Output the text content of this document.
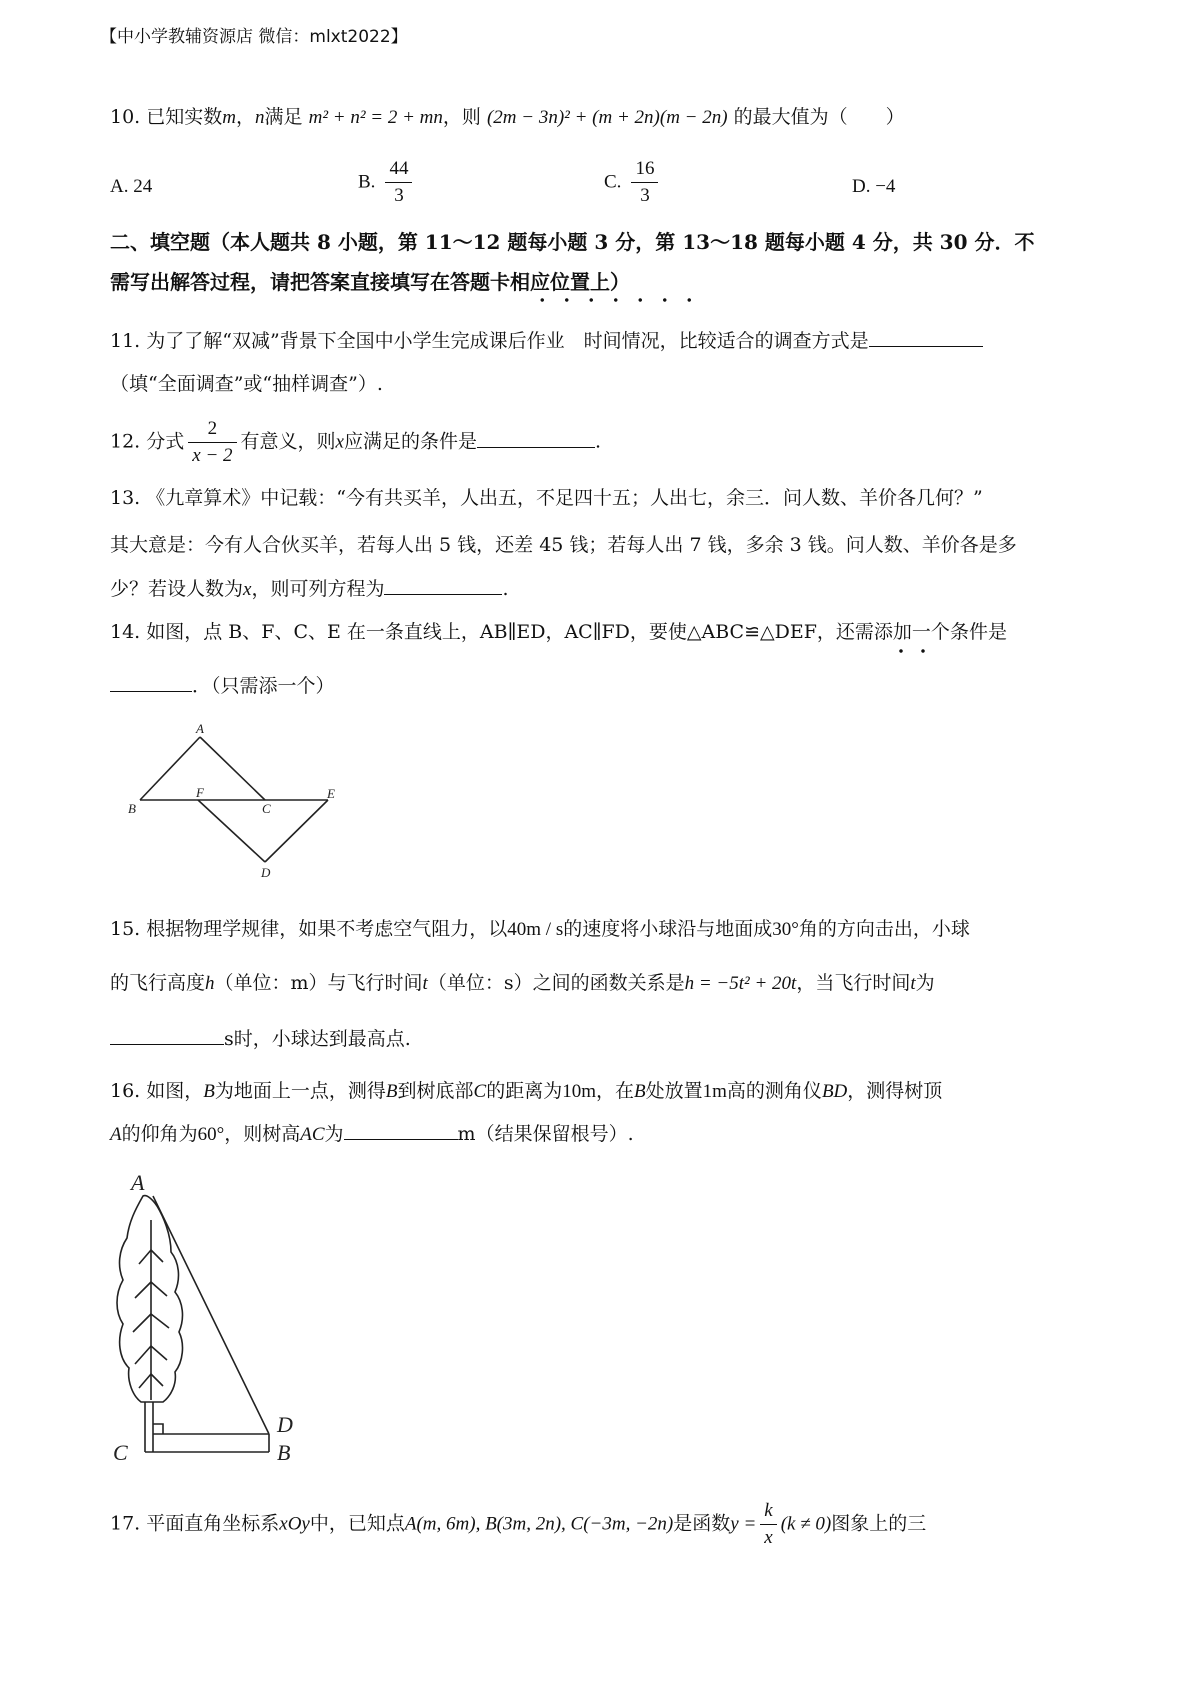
【中小学教辅资源店 微信：mlxt2022】
10. 已知实数m，n满足 m² + n² = 2 + mn，则 (2m − 3n)² + (m + 2n)(m − 2n) 的最大值为（　　）
A. 24	B. $\frac{44}{3}$	C. $\frac{16}{3}$	D. −4
二、填空题（本人题共 8 小题，第 11～12 题每小题 3 分，第 13～18 题每小题 4 分，共 30 分．不
需写出解答过程，请把答案直接填写在答题卡相应位置上）
11. 为了了解“双减”背景下全国中小学生完成课后作业　时间情况，比较适合的调查方式是
（填“全面调查”或“抽样调查”）.
12. 分式 $\frac{2}{x - 2}$ 有意义，则x应满足的条件是	.
13. 《九章算术》中记载：“今有共买羊，人出五，不足四十五；人出七，余三．问人数、羊价各几何？”
其大意是：今有人合伙买羊，若每人出 5 钱，还差 45 钱；若每人出 7 钱，多余 3 钱。问人数、羊价各是多
少？若设人数为x，则可列方程为	.
14. 如图，点 B、F、C、E 在一条直线上，AB∥ED，AC∥FD，要使△ABC≌△DEF，还需添加一个条件是
．（只需添一个）
A
B
F
C
E
D
15. 根据物理学规律，如果不考虑空气阻力，以40m / s的速度将小球沿与地面成30°角的方向击出，小球
的飞行高度h（单位：m）与飞行时间t（单位：s）之间的函数关系是h = −5t² + 20t，当飞行时间t为
s时，小球达到最高点.
16. 如图，B为地面上一点，测得B到树底部C的距离为10m，在B处放置1m高的测角仪BD，测得树顶
A的仰角为60°，则树高AC为	m（结果保留根号）.
A
C
D
B
17. 平面直角坐标系xOy中，已知点A(m, 6m), B(3m, 2n), C(−3m, −2n)是函数$y = \frac{k}{x} (k \ne 0)$图象上的三
